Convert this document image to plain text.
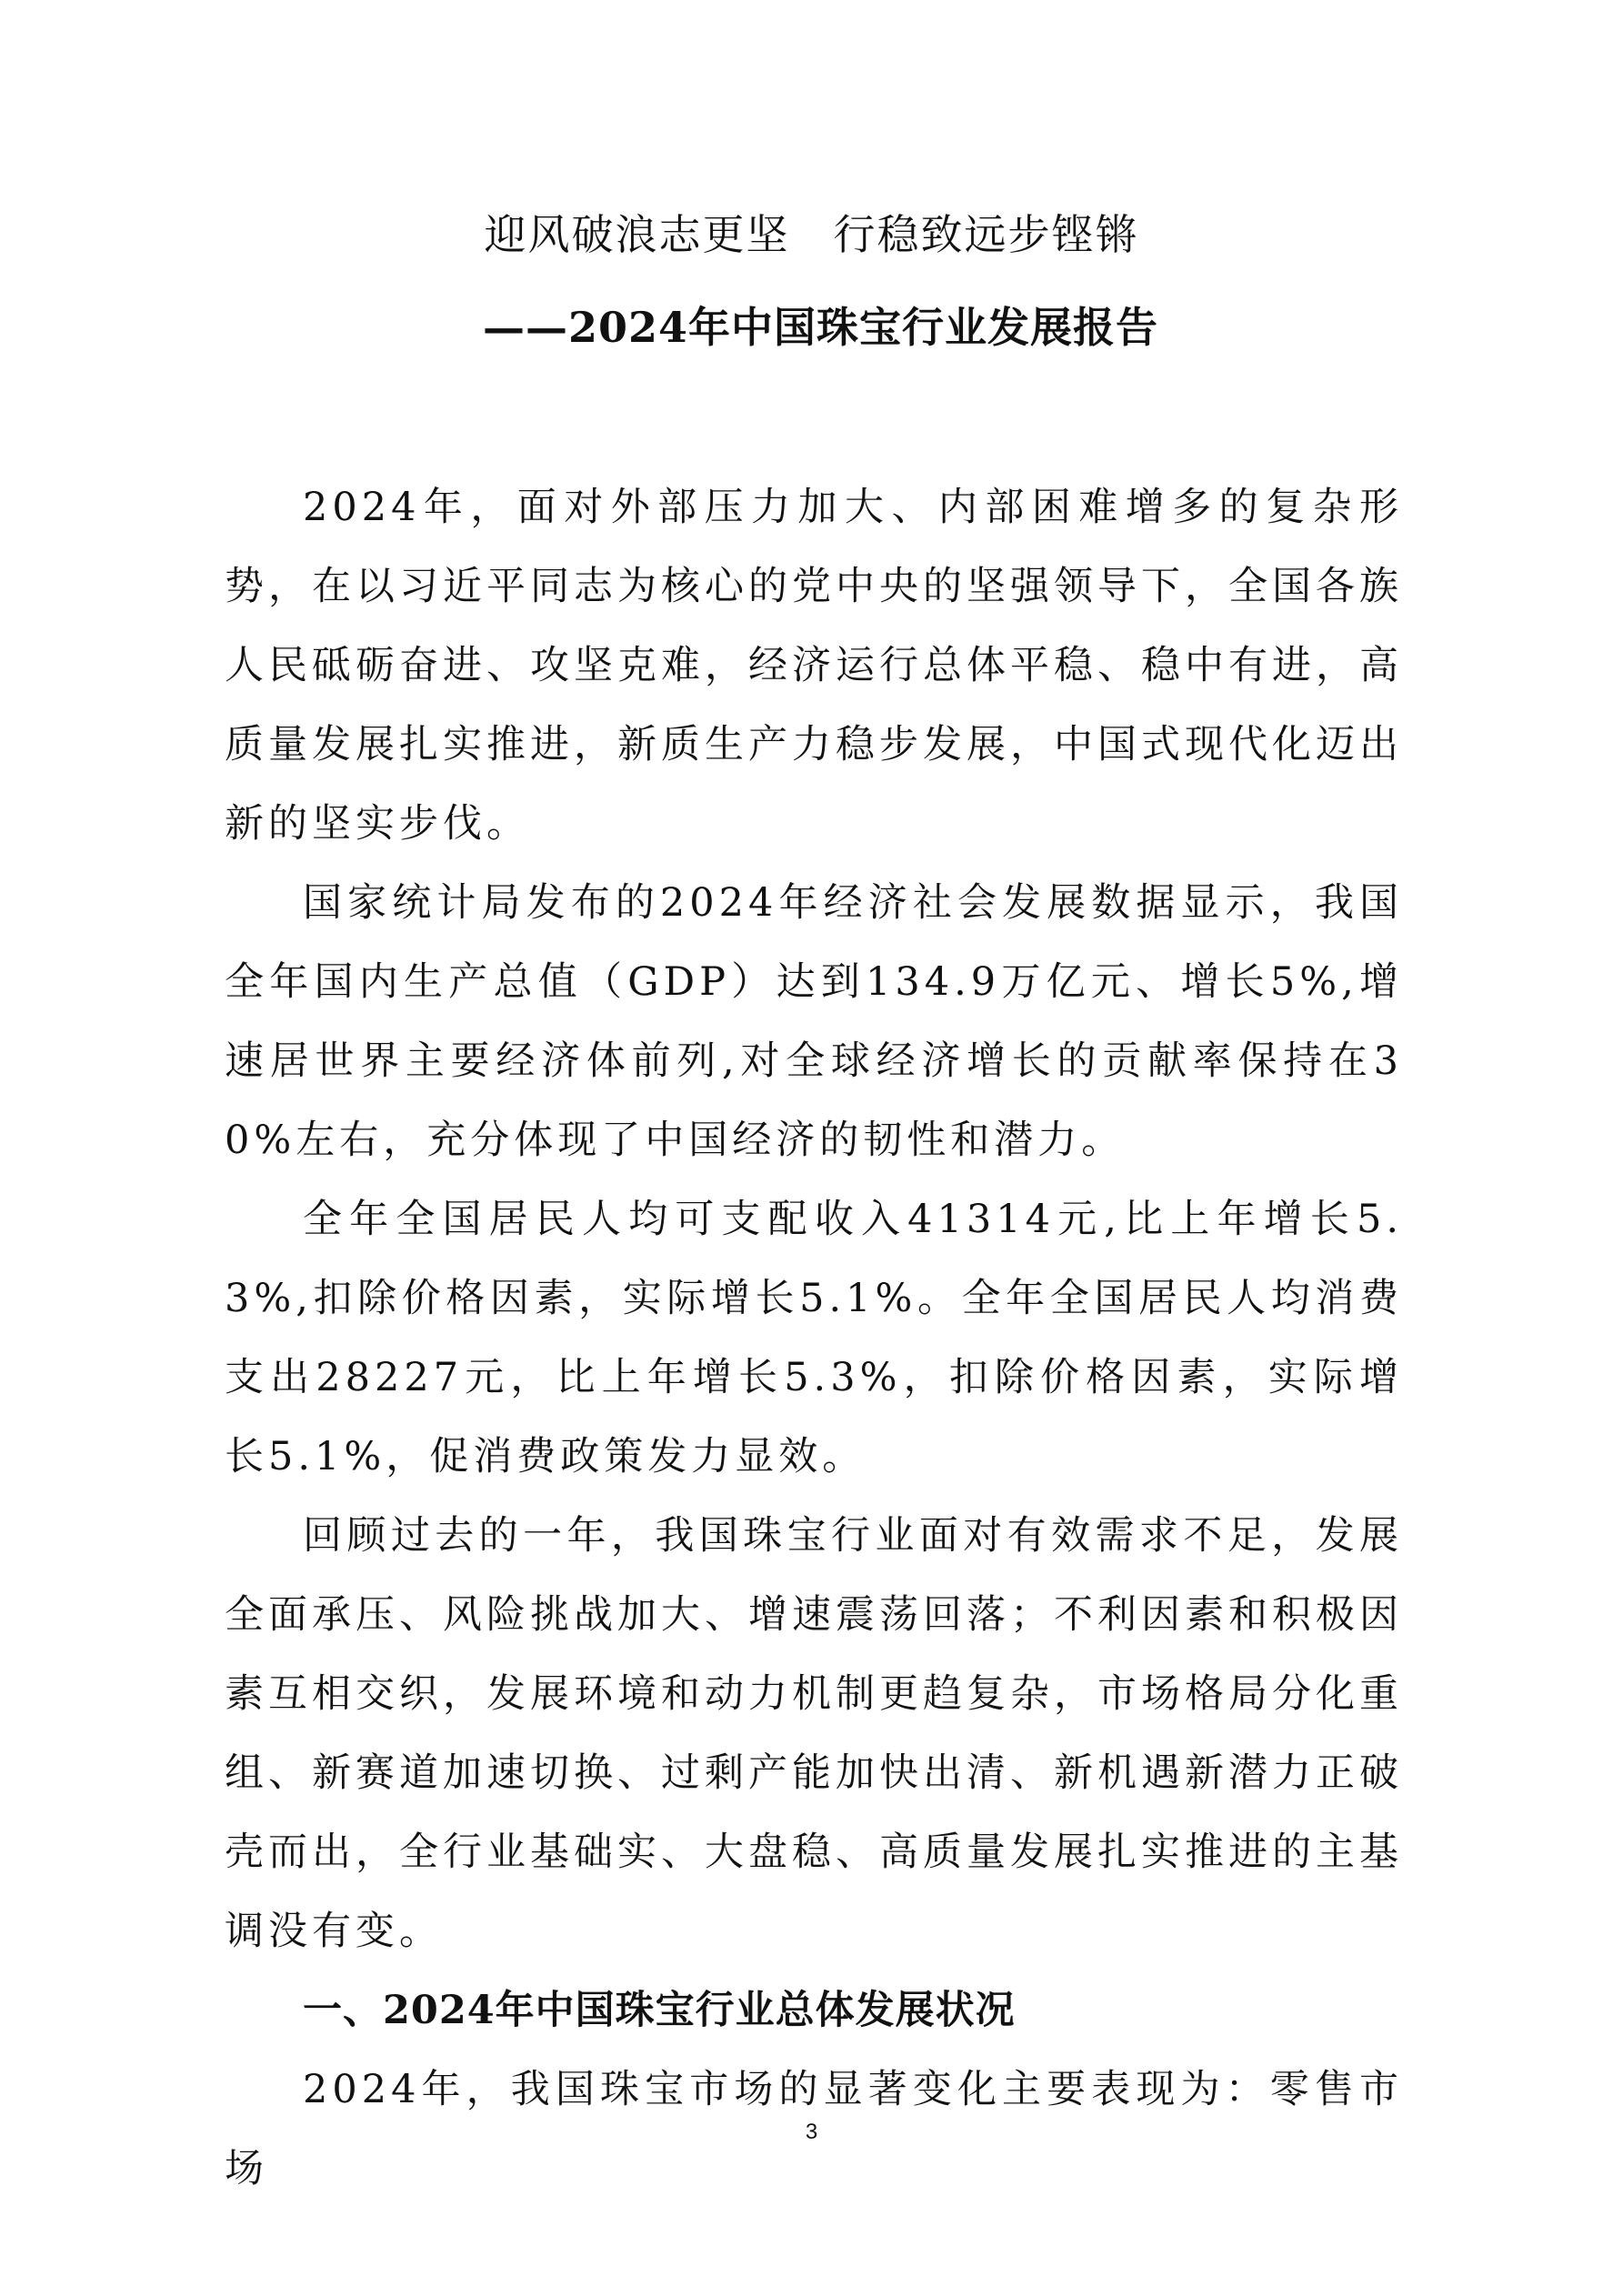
迎风破浪志更坚　行稳致远步铿锵
——2024年中国珠宝行业发展报告

2024年，面对外部压力加大、内部困难增多的复杂形势，在以习近平同志为核心的党中央的坚强领导下，全国各族人民砥砺奋进、攻坚克难，经济运行总体平稳、稳中有进，高质量发展扎实推进，新质生产力稳步发展，中国式现代化迈出新的坚实步伐。

国家统计局发布的2024年经济社会发展数据显示，我国全年国内生产总值（GDP）达到134.9万亿元、增长5%,增速居世界主要经济体前列,对全球经济增长的贡献率保持在30%左右，充分体现了中国经济的韧性和潜力。

全年全国居民人均可支配收入41314元,比上年增长5.3%,扣除价格因素，实际增长5.1%。全年全国居民人均消费支出28227元，比上年增长5.3%，扣除价格因素，实际增长5.1%，促消费政策发力显效。

回顾过去的一年，我国珠宝行业面对有效需求不足，发展全面承压、风险挑战加大、增速震荡回落；不利因素和积极因素互相交织，发展环境和动力机制更趋复杂，市场格局分化重组、新赛道加速切换、过剩产能加快出清、新机遇新潜力正破壳而出，全行业基础实、大盘稳、高质量发展扎实推进的主基调没有变。

一、2024年中国珠宝行业总体发展状况

2024年，我国珠宝市场的显著变化主要表现为：零售市场

3
